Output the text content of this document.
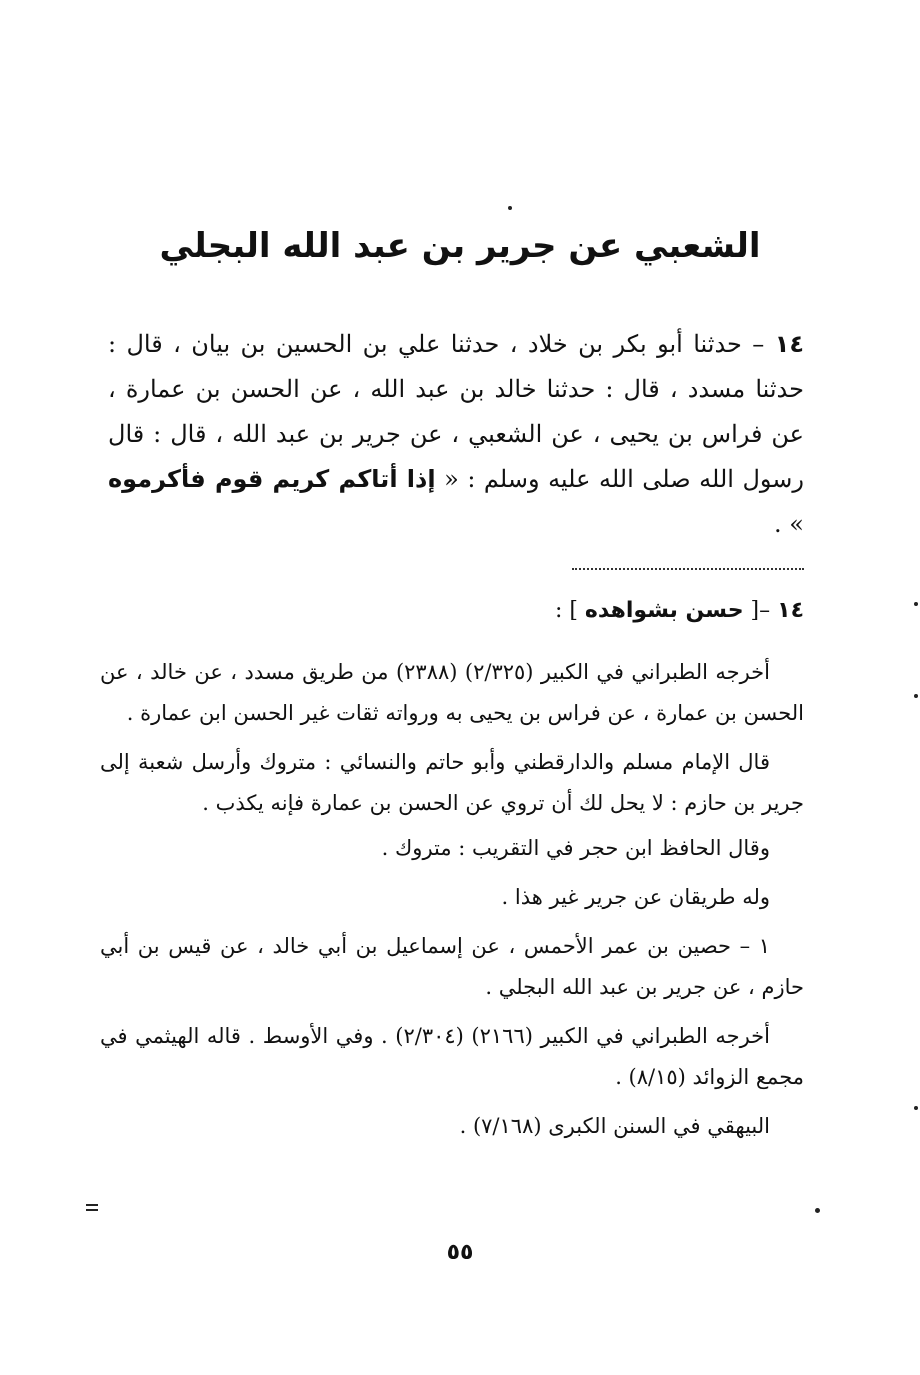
الشعبي عن جرير بن عبد الله البجلي
١٤ – حدثنا أبو بكر بن خلاد ، حدثنا علي بن الحسين بن بيان ، قال : حدثنا مسدد ، قال : حدثنا خالد بن عبد الله ، عن الحسن بن عمارة ، عن فراس بن يحيى ، عن الشعبي ، عن جرير بن عبد الله ، قال : قال رسول الله صلى الله عليه وسلم : « إذا أتاكم كريم قوم فأكرموه » .
١٤ –[ حسن بشواهده ] :

أخرجه الطبراني في الكبير (٢/٣٢٥) (٢٣٨٨) من طريق مسدد ، عن خالد ، عن الحسن بن عمارة ، عن فراس بن يحيى به ورواته ثقات غير الحسن ابن عمارة .

قال الإمام مسلم والدارقطني وأبو حاتم والنسائي : متروك وأرسل شعبة إلى جرير بن حازم : لا يحل لك أن تروي عن الحسن بن عمارة فإنه يكذب .

وقال الحافظ ابن حجر في التقريب : متروك .

وله طريقان عن جرير غير هذا .

١ – حصين بن عمر الأحمس ، عن إسماعيل بن أبي خالد ، عن قيس بن أبي حازم ، عن جرير بن عبد الله البجلي .

أخرجه الطبراني في الكبير (٢١٦٦) (٢/٣٠٤) . وفي الأوسط . قاله الهيثمي في مجمع الزوائد (٨/١٥) .

البيهقي في السنن الكبرى (٧/١٦٨) .

٥٥
